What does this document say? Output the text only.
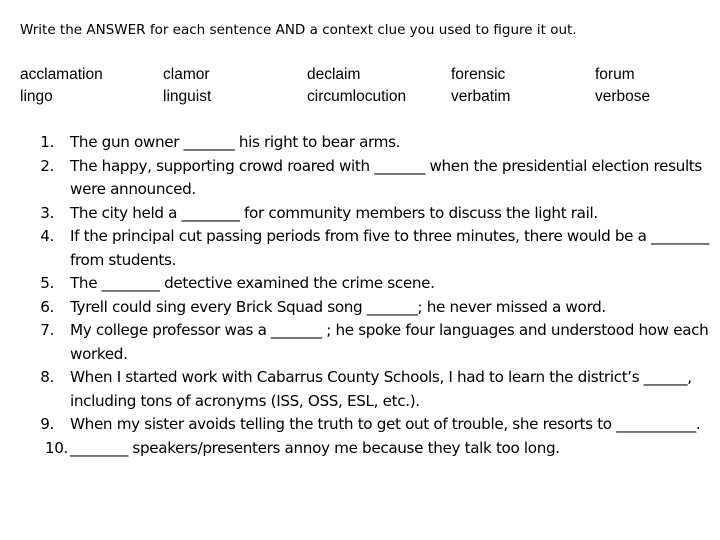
Write the ANSWER for each sentence AND a context clue you used to figure it out.
acclamation
lingo
clamor
linguist
declaim
circumlocution
forensic
verbatim
forum
verbose
1. The gun owner _______ his right to bear arms.
2. The happy, supporting crowd roared with _______ when the presidential election results were announced.
3. The city held a ________ for community members to discuss the light rail.
4. If the principal cut passing periods from five to three minutes, there would be a ________ from students.
5. The ________ detective examined the crime scene.
6. Tyrell could sing every Brick Squad song _______; he never missed a word.
7. My college professor was a _______ ; he spoke four languages and understood how each worked.
8. When I started work with Cabarrus County Schools, I had to learn the district’s ______, including tons of acronyms (ISS, OSS, ESL, etc.).
9. When my sister avoids telling the truth to get out of trouble, she resorts to ___________.
10. ________ speakers/presenters annoy me because they talk too long.
